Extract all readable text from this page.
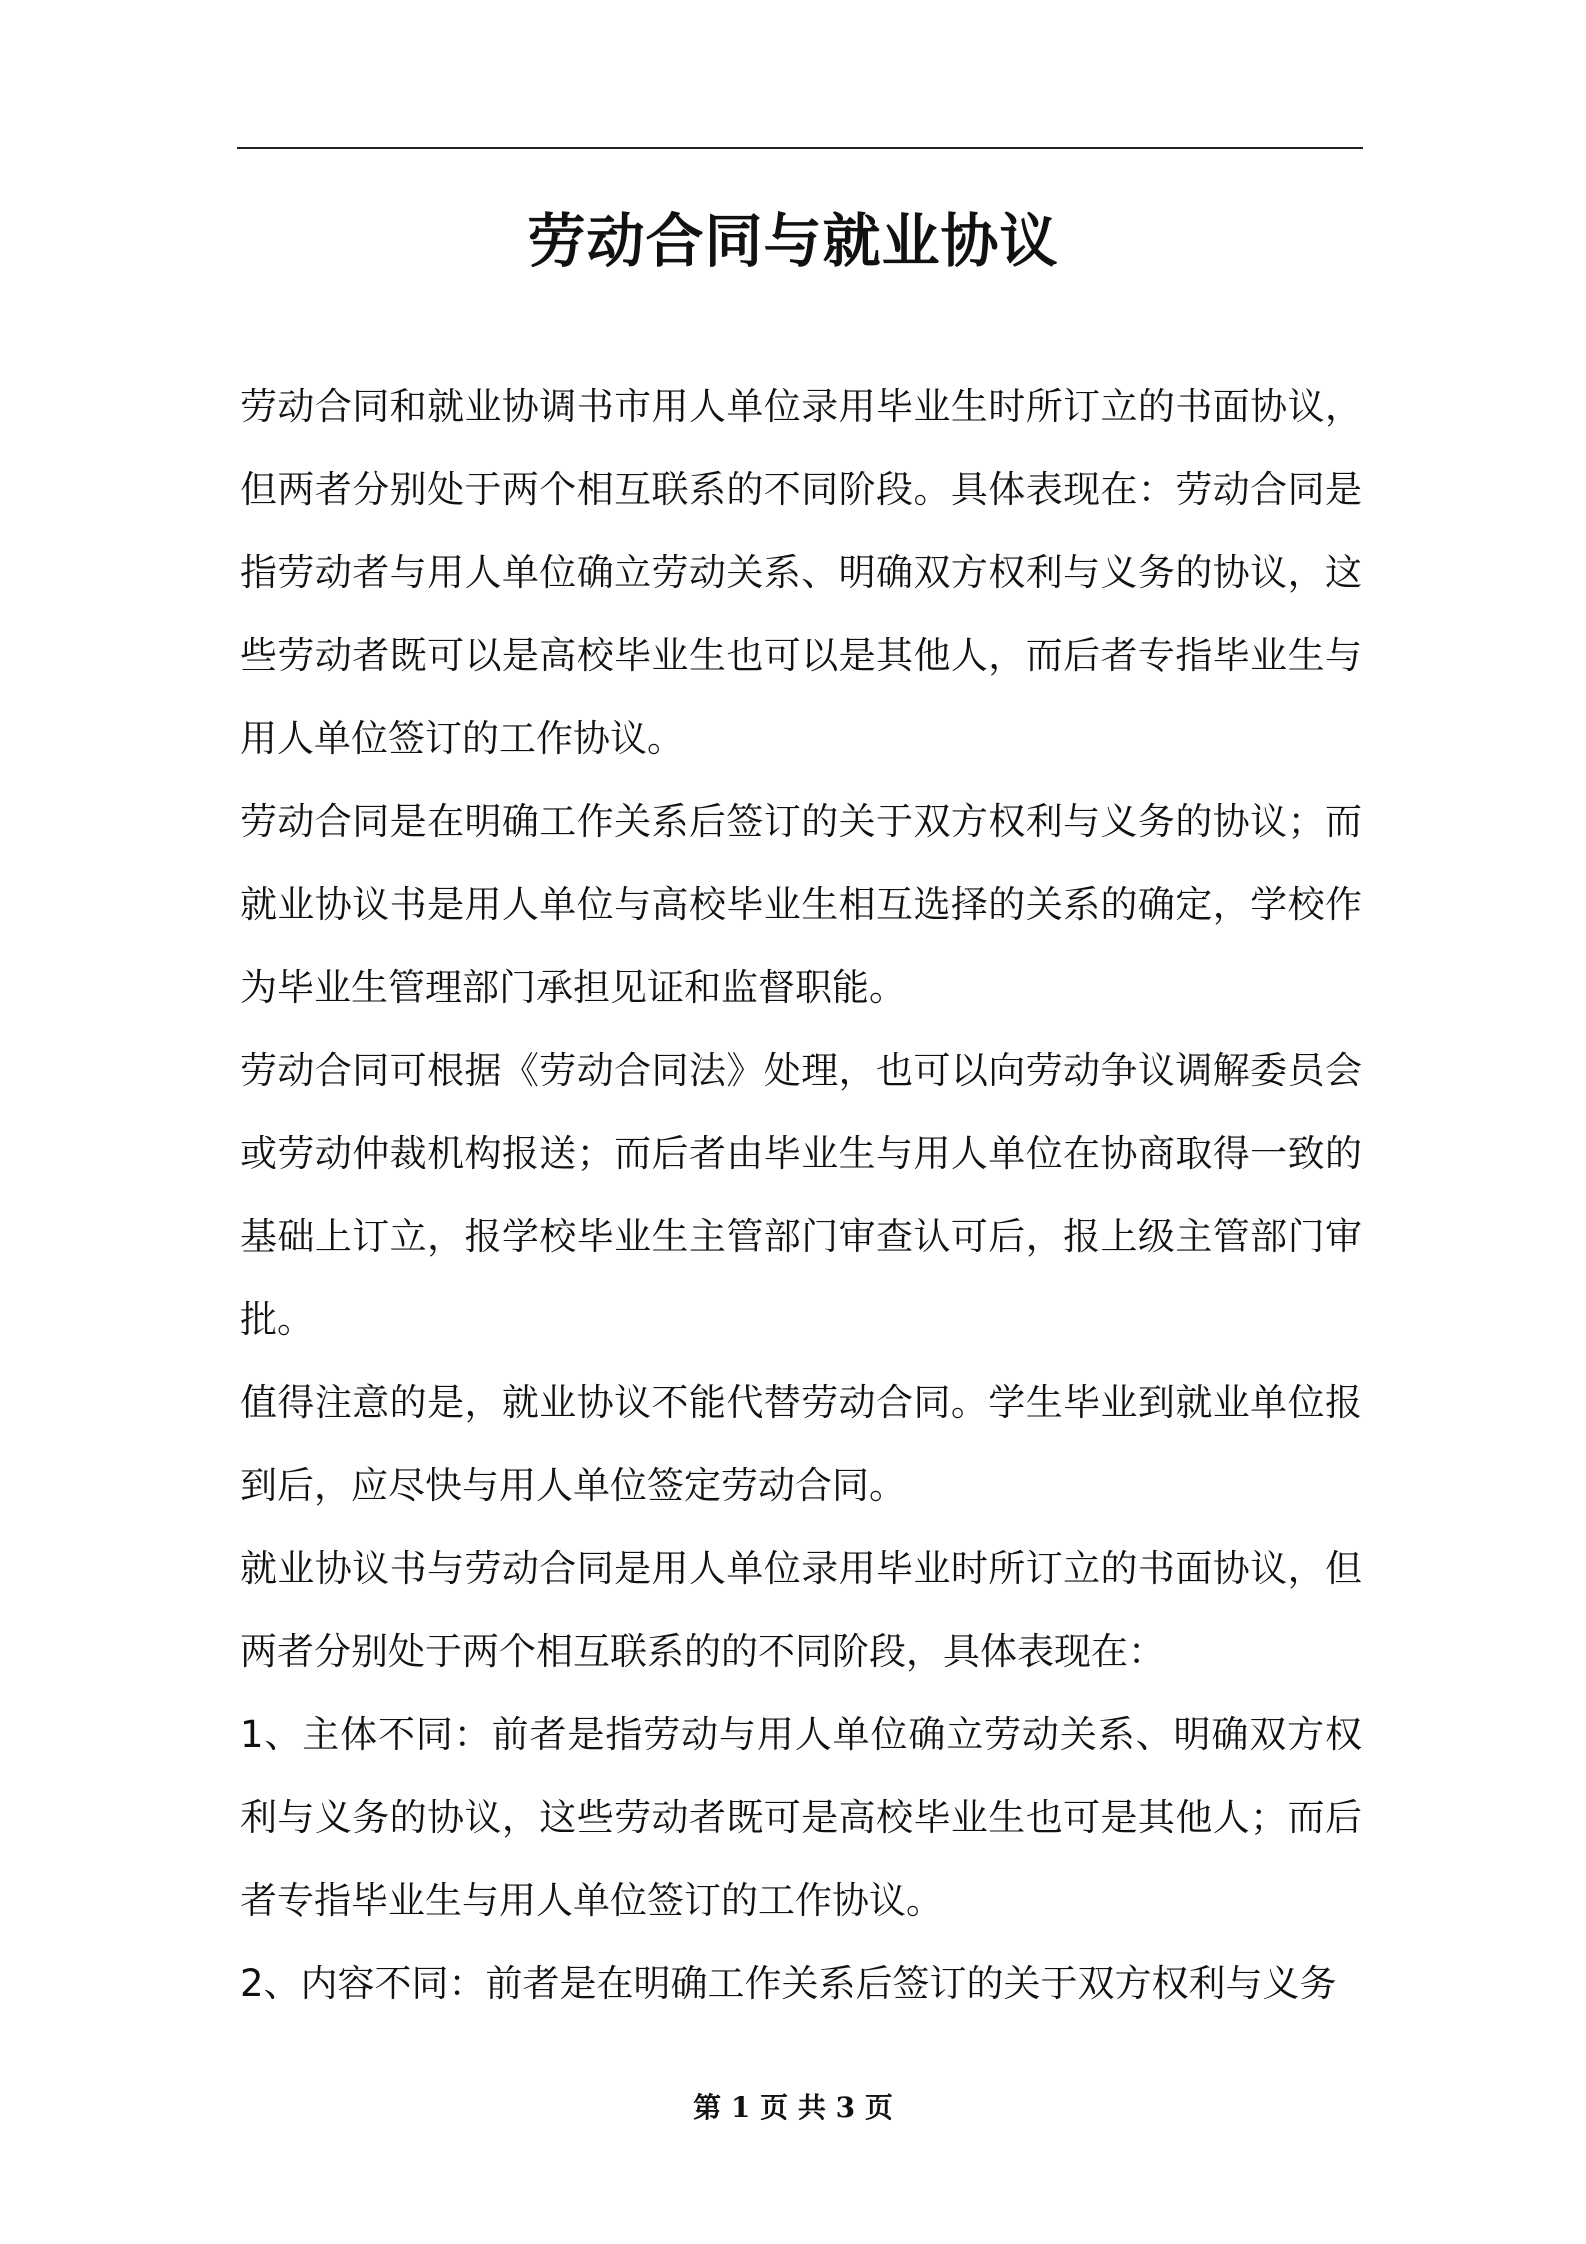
劳动合同与就业协议

劳动合同和就业协调书市用人单位录用毕业生时所订立的书面协议，但两者分别处于两个相互联系的不同阶段。具体表现在：劳动合同是指劳动者与用人单位确立劳动关系、明确双方权利与义务的协议，这些劳动者既可以是高校毕业生也可以是其他人，而后者专指毕业生与用人单位签订的工作协议。

劳动合同是在明确工作关系后签订的关于双方权利与义务的协议；而就业协议书是用人单位与高校毕业生相互选择的关系的确定，学校作为毕业生管理部门承担见证和监督职能。

劳动合同可根据《劳动合同法》处理，也可以向劳动争议调解委员会或劳动仲裁机构报送；而后者由毕业生与用人单位在协商取得一致的基础上订立，报学校毕业生主管部门审查认可后，报上级主管部门审批。

值得注意的是，就业协议不能代替劳动合同。学生毕业到就业单位报到后，应尽快与用人单位签定劳动合同。

就业协议书与劳动合同是用人单位录用毕业时所订立的书面协议，但两者分别处于两个相互联系的的不同阶段，具体表现在：

1、主体不同：前者是指劳动与用人单位确立劳动关系、明确双方权利与义务的协议，这些劳动者既可是高校毕业生也可是其他人；而后者专指毕业生与用人单位签订的工作协议。

2、内容不同：前者是在明确工作关系后签订的关于双方权利与义务

第 1 页 共 3 页
